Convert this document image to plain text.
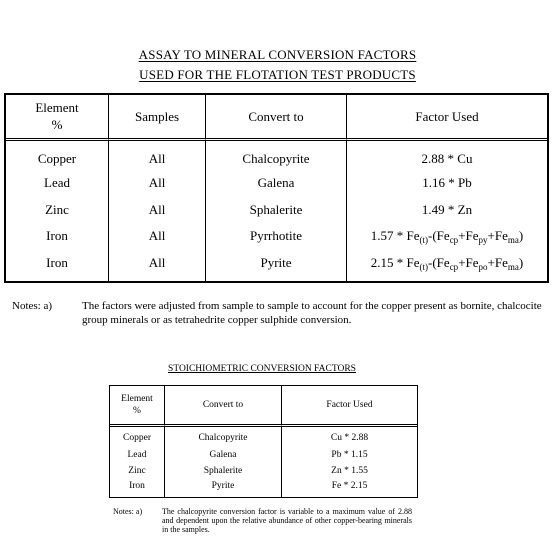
ASSAY TO MINERAL CONVERSION FACTORS
USED FOR THE FLOTATION TEST PRODUCTS
Element
%	Samples	Convert to	Factor Used
Copper	All	Chalcopyrite	2.88 * Cu
Lead	All	Galena	1.16 * Pb
Zinc	All	Sphalerite	1.49 * Zn
Iron	All	Pyrrhotite	$1.57 * Fe_{(t)}-(Fe_{cp}+Fe_{py}+Fe_{ma})$
Iron	All	Pyrite	$2.15 * Fe_{(t)}-(Fe_{cp}+Fe_{po}+Fe_{ma})$
Notes: a)	The factors were adjusted from sample to sample to account for the copper present as bornite, chalcocite group minerals or as tetrahedrite copper sulphide conversion.
STOICHIOMETRIC CONVERSION FACTORS
Element
%	Convert to	Factor Used
Copper	Chalcopyrite	Cu * 2.88
Lead	Galena	Pb * 1.15
Zinc	Sphalerite	Zn * 1.55
Iron	Pyrite	Fe * 2.15
Notes: a) The chalcopyrite conversion factor is variable to a maximum value of 2.88 and dependent upon the relative abundance of other copper-bearing minerals in the samples.
